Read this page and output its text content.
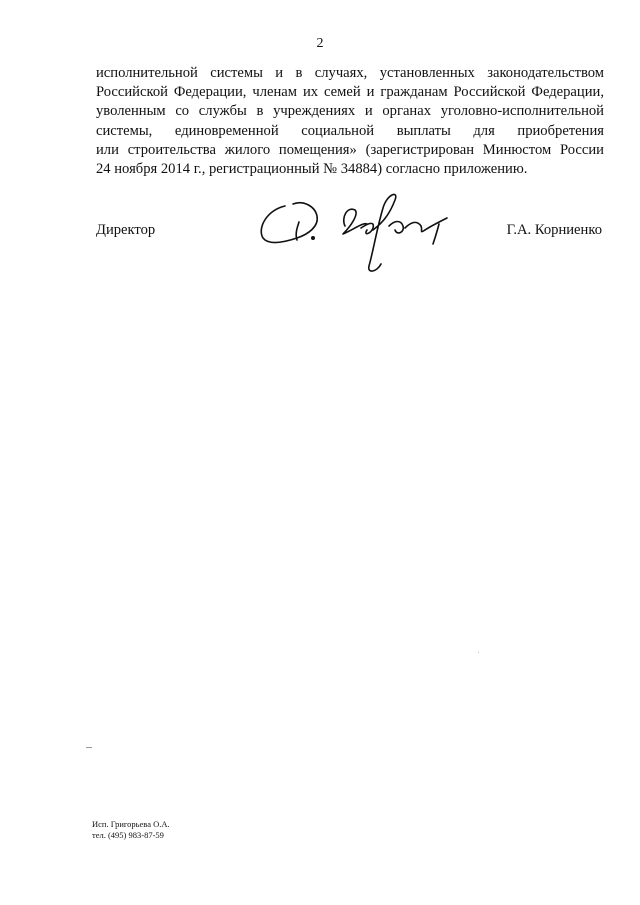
2
исполнительной системы и в случаях, установленных законодательством
Российской Федерации, членам их семей и гражданам Российской Федерации,
уволенным со службы в учреждениях и органах уголовно-исполнительной
системы, единовременной социальной выплаты для приобретения
или строительства жилого помещения» (зарегистрирован Минюстом России
24 ноября 2014 г., регистрационный № 34884) согласно приложению.
Директор	Г.А. Корниенко
Исп. Григорьева О.А.
тел. (495) 983-87-59
